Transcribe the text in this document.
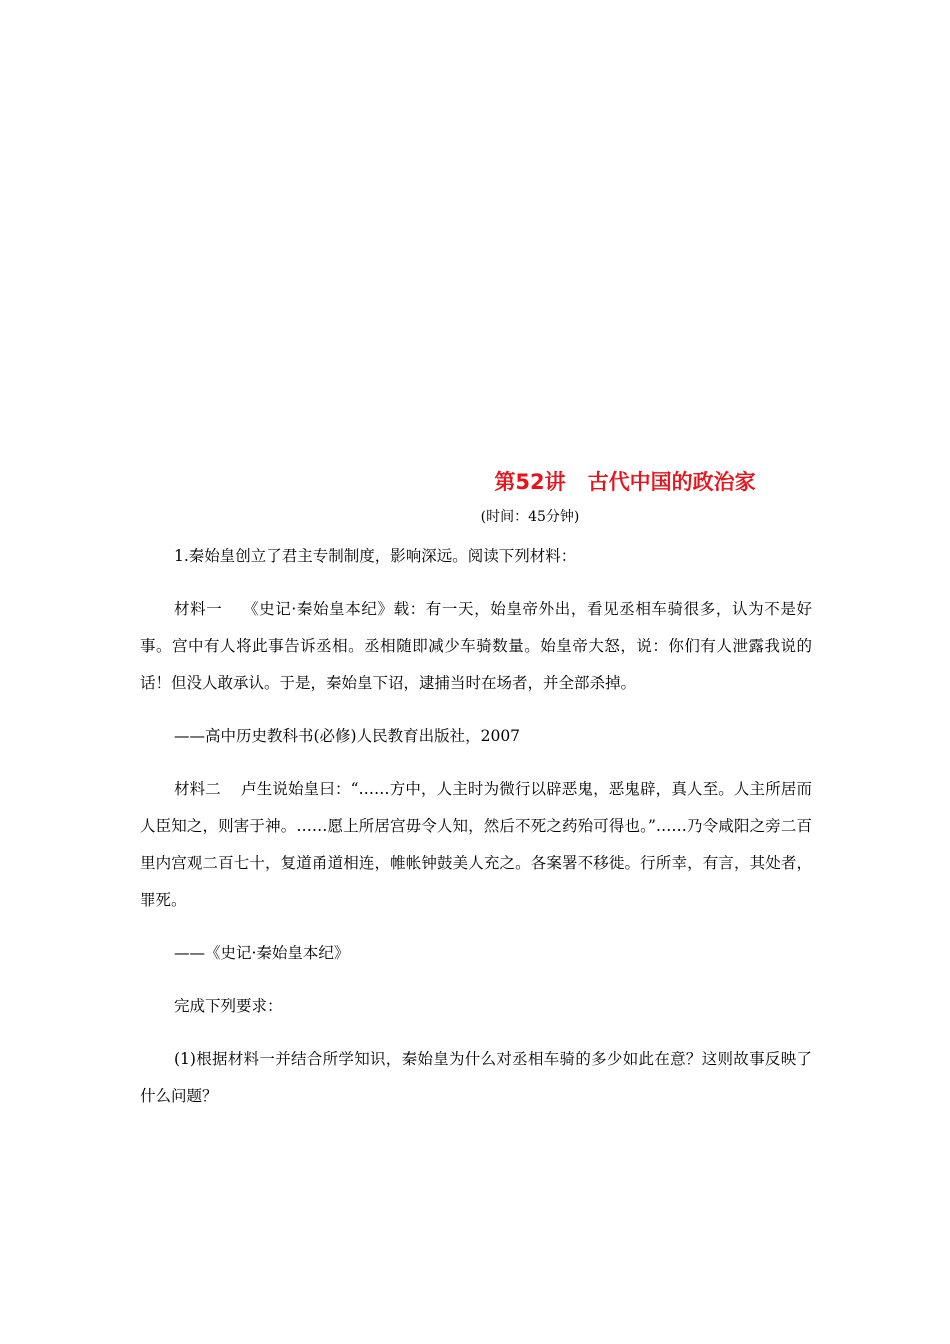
第52讲 古代中国的政治家
(时间：45分钟)

1.秦始皇创立了君主专制制度，影响深远。阅读下列材料：

材料一 《史记·秦始皇本纪》载：有一天，始皇帝外出，看见丞相车骑很多，认为不是好事。宫中有人将此事告诉丞相。丞相随即减少车骑数量。始皇帝大怒，说：你们有人泄露我说的话！但没人敢承认。于是，秦始皇下诏，逮捕当时在场者，并全部杀掉。

——高中历史教科书(必修)人民教育出版社，2007

材料二 卢生说始皇曰：“……方中，人主时为微行以辟恶鬼，恶鬼辟，真人至。人主所居而人臣知之，则害于神。……愿上所居宫毋令人知，然后不死之药殆可得也。”……乃令咸阳之旁二百里内宫观二百七十，复道甬道相连，帷帐钟鼓美人充之。各案署不移徙。行所幸，有言，其处者，罪死。

——《史记·秦始皇本纪》

完成下列要求：

(1)根据材料一并结合所学知识，秦始皇为什么对丞相车骑的多少如此在意？这则故事反映了什么问题？
